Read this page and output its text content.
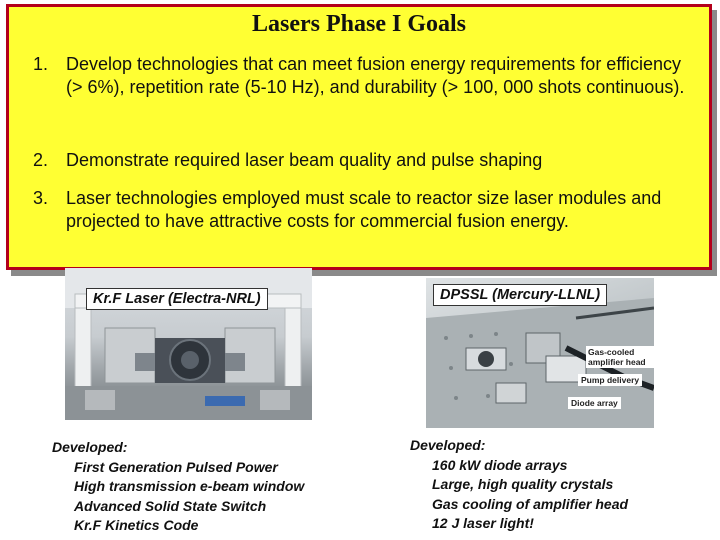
Lasers Phase I Goals
1. Develop technologies that can meet fusion energy requirements for efficiency (> 6%), repetition rate (5-10 Hz), and durability (> 100, 000 shots continuous).
2. Demonstrate required laser beam quality and pulse shaping
3. Laser technologies employed must scale to reactor size laser modules and projected to have attractive costs for commercial fusion energy.
Kr.F Laser (Electra-NRL)
Gas-cooled amplifier head
Pump delivery
Diode array
DPSSL (Mercury-LLNL)
Developed:
First Generation Pulsed Power
High transmission e-beam window
Advanced Solid State Switch
Kr.F Kinetics Code
Developed:
160 kW diode arrays
Large, high quality crystals
Gas cooling of amplifier head
12 J laser light!
